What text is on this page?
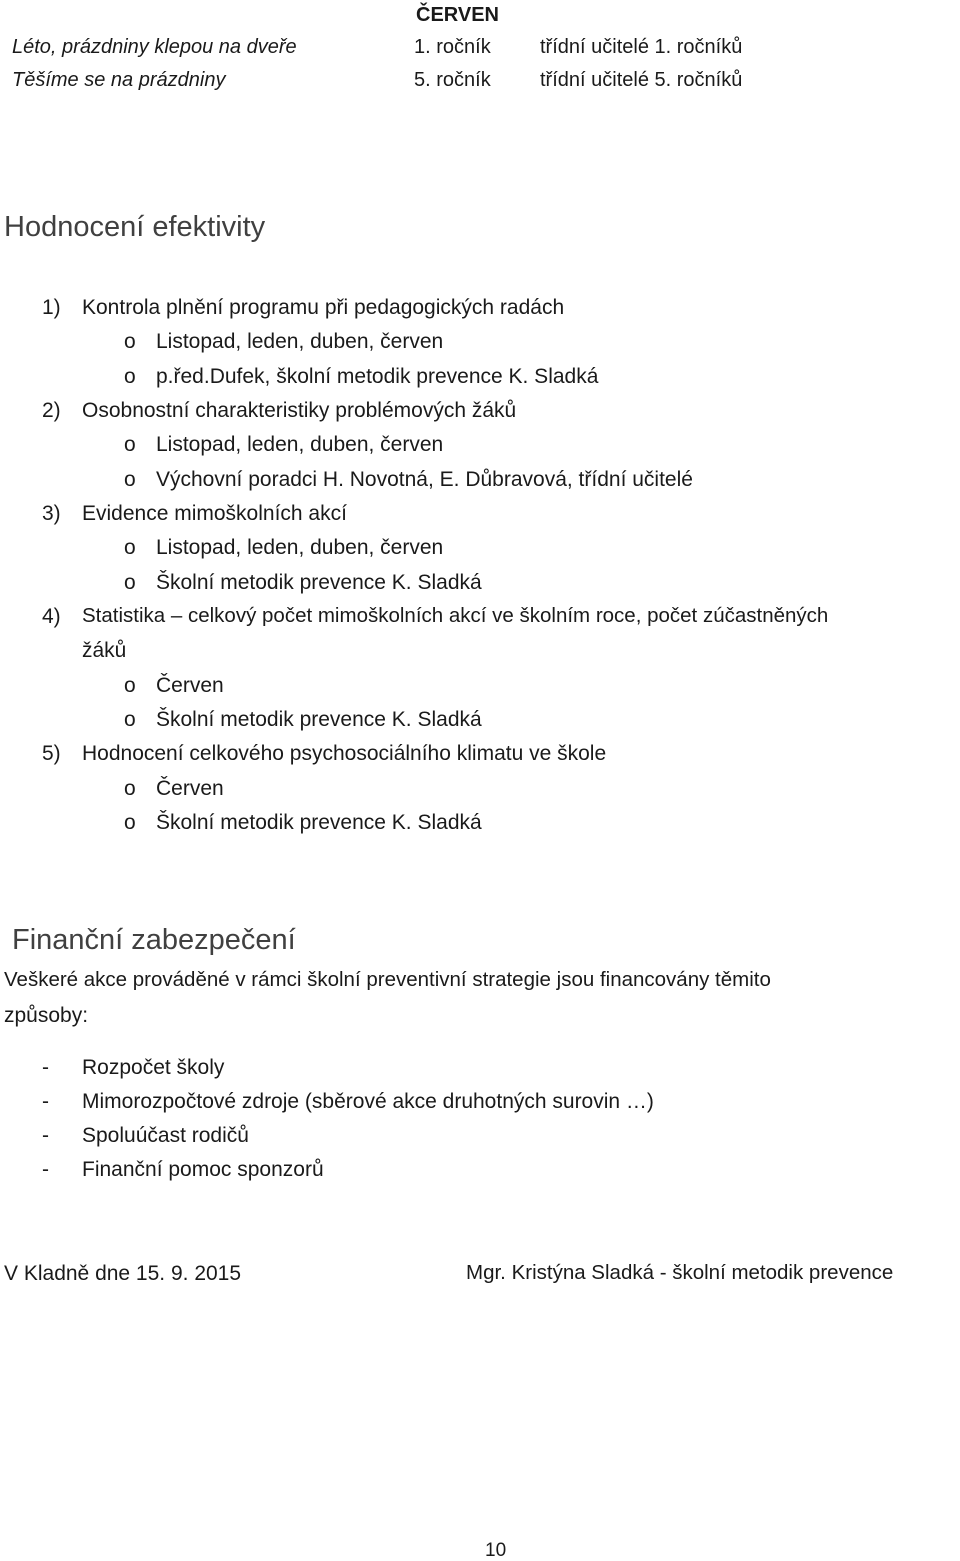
ČERVEN
Léto, prázdniny klepou na dveře	1. ročník třídní učitelé 1. ročníků
Těšíme se na prázdniny	5. ročník třídní učitelé 5. ročníků
Hodnocení efektivity
1) Kontrola plnění programu při pedagogických radách
o Listopad, leden, duben, červen
o p.řed.Dufek, školní metodik prevence K. Sladká
2) Osobnostní charakteristiky problémových žáků
o Listopad, leden, duben, červen
o Výchovní poradci H. Novotná, E. Důbravová, třídní učitelé
3) Evidence mimoškolních akcí
o Listopad, leden, duben, červen
o Školní metodik prevence K. Sladká
4) Statistika – celkový počet mimoškolních akcí ve školním roce, počet zúčastněných
žáků
o Červen
o Školní metodik prevence K. Sladká
5) Hodnocení celkového psychosociálního klimatu ve škole
o Červen
o Školní metodik prevence K. Sladká
Finanční zabezpečení
Veškeré akce prováděné v rámci školní preventivní strategie jsou financovány těmito
způsoby:
- Rozpočet školy
- Mimorozpočtové zdroje (sběrové akce druhotných surovin …)
- Spoluúčast rodičů
- Finanční pomoc sponzorů
V Kladně dne 15. 9. 2015	Mgr. Kristýna Sladká - školní metodik prevence
10
